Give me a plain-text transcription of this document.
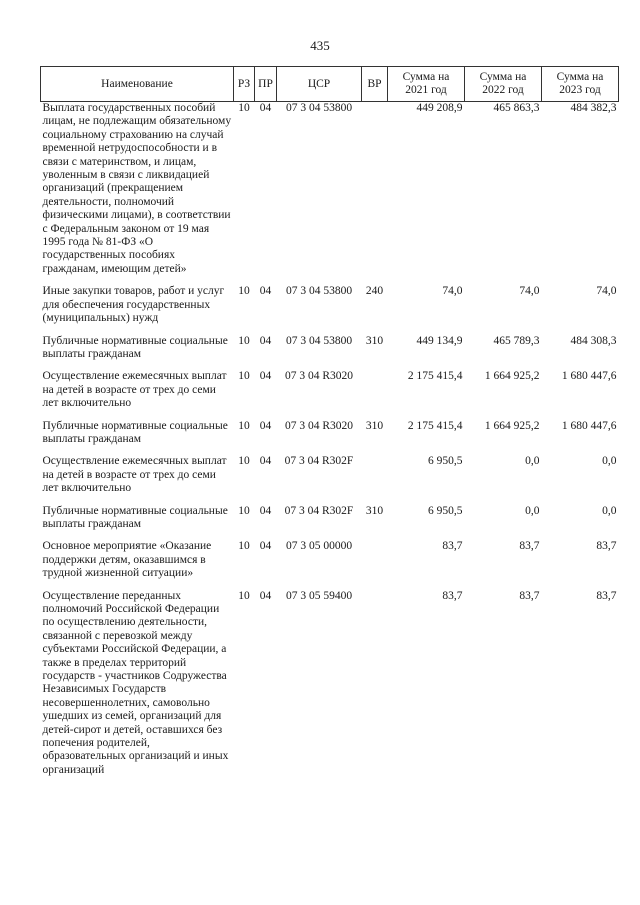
435
Наименование	РЗ	ПР	ЦСР	ВР	Сумма на 2021 год	Сумма на 2022 год	Сумма на 2023 год
Выплата государственных пособий лицам, не подлежащим обязательному социальному страхованию на случай временной нетрудоспособности и в связи с материнством, и лицам, уволенным в связи с ликвидацией организаций (прекращением деятельности, полномочий физическими лицами), в соответствии с Федеральным законом от 19 мая 1995 года № 81-ФЗ «О государственных пособиях гражданам, имеющим детей»	10	04	07 3 04 53800		449 208,9	465 863,3	484 382,3
Иные закупки товаров, работ и услуг для обеспечения государственных (муниципальных) нужд	10	04	07 3 04 53800	240	74,0	74,0	74,0
Публичные нормативные социальные выплаты гражданам	10	04	07 3 04 53800	310	449 134,9	465 789,3	484 308,3
Осуществление ежемесячных выплат на детей в возрасте от трех до семи лет включительно	10	04	07 3 04 R3020		2 175 415,4	1 664 925,2	1 680 447,6
Публичные нормативные социальные выплаты гражданам	10	04	07 3 04 R3020	310	2 175 415,4	1 664 925,2	1 680 447,6
Осуществление ежемесячных выплат на детей в возрасте от трех до семи лет включительно	10	04	07 3 04 R302F		6 950,5	0,0	0,0
Публичные нормативные социальные выплаты гражданам	10	04	07 3 04 R302F	310	6 950,5	0,0	0,0
Основное мероприятие «Оказание поддержки детям, оказавшимся в трудной жизненной ситуации»	10	04	07 3 05 00000		83,7	83,7	83,7
Осуществление переданных полномочий Российской Федерации по осуществлению деятельности, связанной с перевозкой между субъектами Российской Федерации, а также в пределах территорий государств - участников Содружества Независимых Государств несовершеннолетних, самовольно ушедших из семей, организаций для детей-сирот и детей, оставшихся без попечения родителей, образовательных организаций и иных организаций	10	04	07 3 05 59400		83,7	83,7	83,7
